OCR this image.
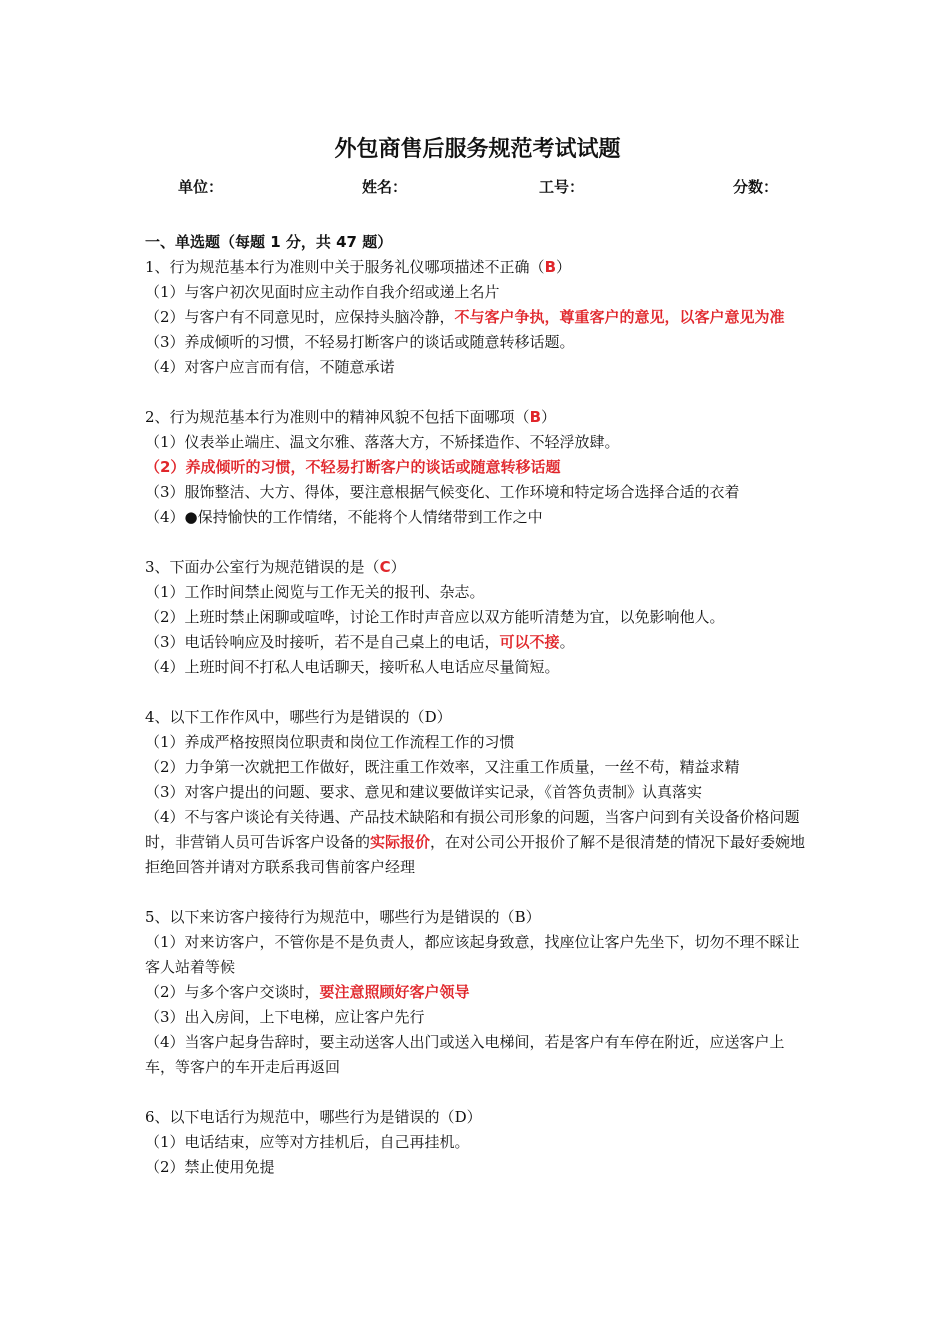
外包商售后服务规范考试试题
单位：	姓名：	工号：	分数：
一、单选题（每题 1 分，共 47 题）

1、行为规范基本行为准则中关于服务礼仪哪项描述不正确（B）

（1）与客户初次见面时应主动作自我介绍或递上名片

（2）与客户有不同意见时，应保持头脑冷静，不与客户争执，尊重客户的意见，以客户意见为准

（3）养成倾听的习惯，不轻易打断客户的谈话或随意转移话题。

（4）对客户应言而有信，不随意承诺

2、行为规范基本行为准则中的精神风貌不包括下面哪项（B）

（1）仪表举止端庄、温文尔雅、落落大方，不矫揉造作、不轻浮放肆。

（2）养成倾听的习惯，不轻易打断客户的谈话或随意转移话题

（3）服饰整洁、大方、得体，要注意根据气候变化、工作环境和特定场合选择合适的衣着

（4）●保持愉快的工作情绪，不能将个人情绪带到工作之中

3、下面办公室行为规范错误的是（C）

（1）工作时间禁止阅览与工作无关的报刊、杂志。

（2）上班时禁止闲聊或喧哗，讨论工作时声音应以双方能听清楚为宜，以免影响他人。

（3）电话铃响应及时接听，若不是自己桌上的电话，可以不接。

（4）上班时间不打私人电话聊天，接听私人电话应尽量简短。

4、以下工作作风中，哪些行为是错误的（D）

（1）养成严格按照岗位职责和岗位工作流程工作的习惯

（2）力争第一次就把工作做好，既注重工作效率，又注重工作质量，一丝不苟，精益求精

（3）对客户提出的问题、要求、意见和建议要做详实记录，《首答负责制》认真落实

（4）不与客户谈论有关待遇、产品技术缺陷和有损公司形象的问题，当客户问到有关设备价格问题时，非营销人员可告诉客户设备的实际报价，在对公司公开报价了解不是很清楚的情况下最好委婉地拒绝回答并请对方联系我司售前客户经理

5、以下来访客户接待行为规范中，哪些行为是错误的（B）

（1）对来访客户，不管你是不是负责人，都应该起身致意，找座位让客户先坐下，切勿不理不睬让客人站着等候

（2）与多个客户交谈时，要注意照顾好客户领导

（3）出入房间，上下电梯，应让客户先行

（4）当客户起身告辞时，要主动送客人出门或送入电梯间，若是客户有车停在附近，应送客户上车，等客户的车开走后再返回

6、以下电话行为规范中，哪些行为是错误的（D）

（1）电话结束，应等对方挂机后，自己再挂机。

（2）禁止使用免提
